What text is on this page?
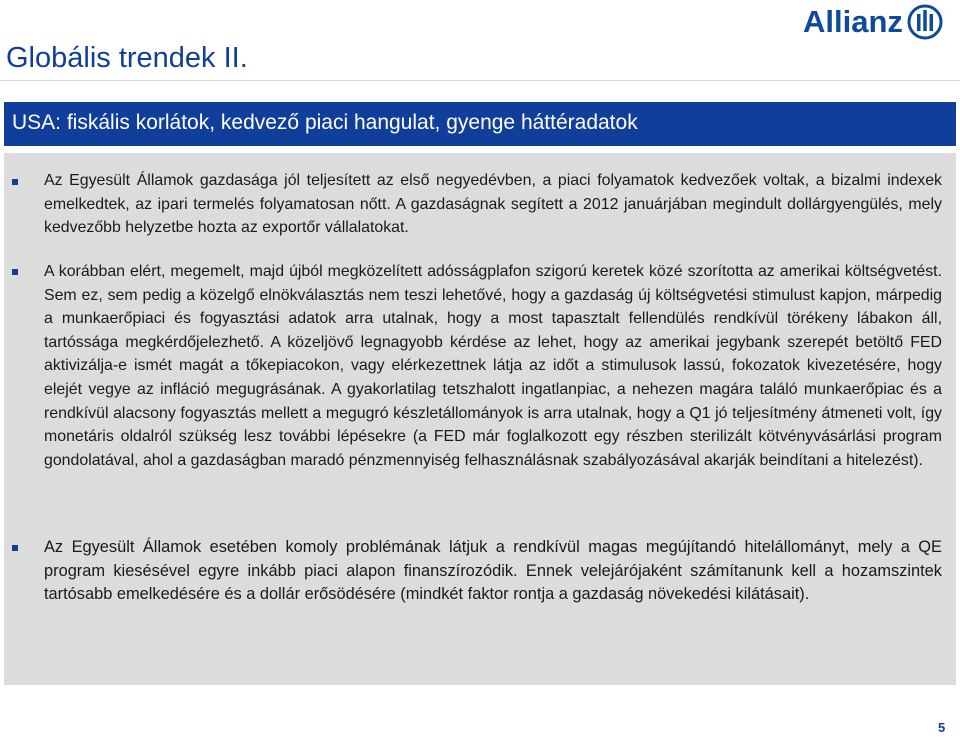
Globális trendek II.
Allianz
USA: fiskális korlátok, kedvező piaci hangulat, gyenge háttéradatok
Az Egyesült Államok gazdasága jól teljesített az első negyedévben, a piaci folyamatok kedvezőek voltak, a bizalmi indexek emelkedtek, az ipari termelés folyamatosan nőtt. A gazdaságnak segített a 2012 januárjában megindult dollárgyengülés, mely kedvezőbb helyzetbe hozta az exportőr vállalatokat.
A korábban elért, megemelt, majd újból megközelített adósságplafon szigorú keretek közé szorította az amerikai költségvetést. Sem ez, sem pedig a közelgő elnökválasztás nem teszi lehetővé, hogy a gazdaság új költségvetési stimulust kapjon, márpedig a munkaerőpiaci és fogyasztási adatok arra utalnak, hogy a most tapasztalt fellendülés rendkívül törékeny lábakon áll, tartóssága megkérdőjelezhető. A közeljövő legnagyobb kérdése az lehet, hogy az amerikai jegybank szerepét betöltő FED aktivizálja-e ismét magát a tőkepiacokon, vagy elérkezettnek látja az időt a stimulusok lassú, fokozatok kivezetésére, hogy elejét vegye az infláció megugrásának. A gyakorlatilag tetszhalott ingatlanpiac, a nehezen magára találó munkaerőpiac és a rendkívül alacsony fogyasztás mellett a megugró készletállományok is arra utalnak, hogy a Q1 jó teljesítmény átmeneti volt, így monetáris oldalról szükség lesz további lépésekre (a FED már foglalkozott egy részben sterilizált kötvényvásárlási program gondolatával, ahol a gazdaságban maradó pénzmennyiség felhasználásnak szabályozásával akarják beindítani a hitelezést).
Az Egyesült Államok esetében komoly problémának látjuk a rendkívül magas megújítandó hitelállományt, mely a QE program kiesésével egyre inkább piaci alapon finanszírozódik. Ennek velejárójaként számítanunk kell a hozamszintek tartósabb emelkedésére és a dollár erősödésére (mindkét faktor rontja a gazdaság növekedési kilátásait).
5
